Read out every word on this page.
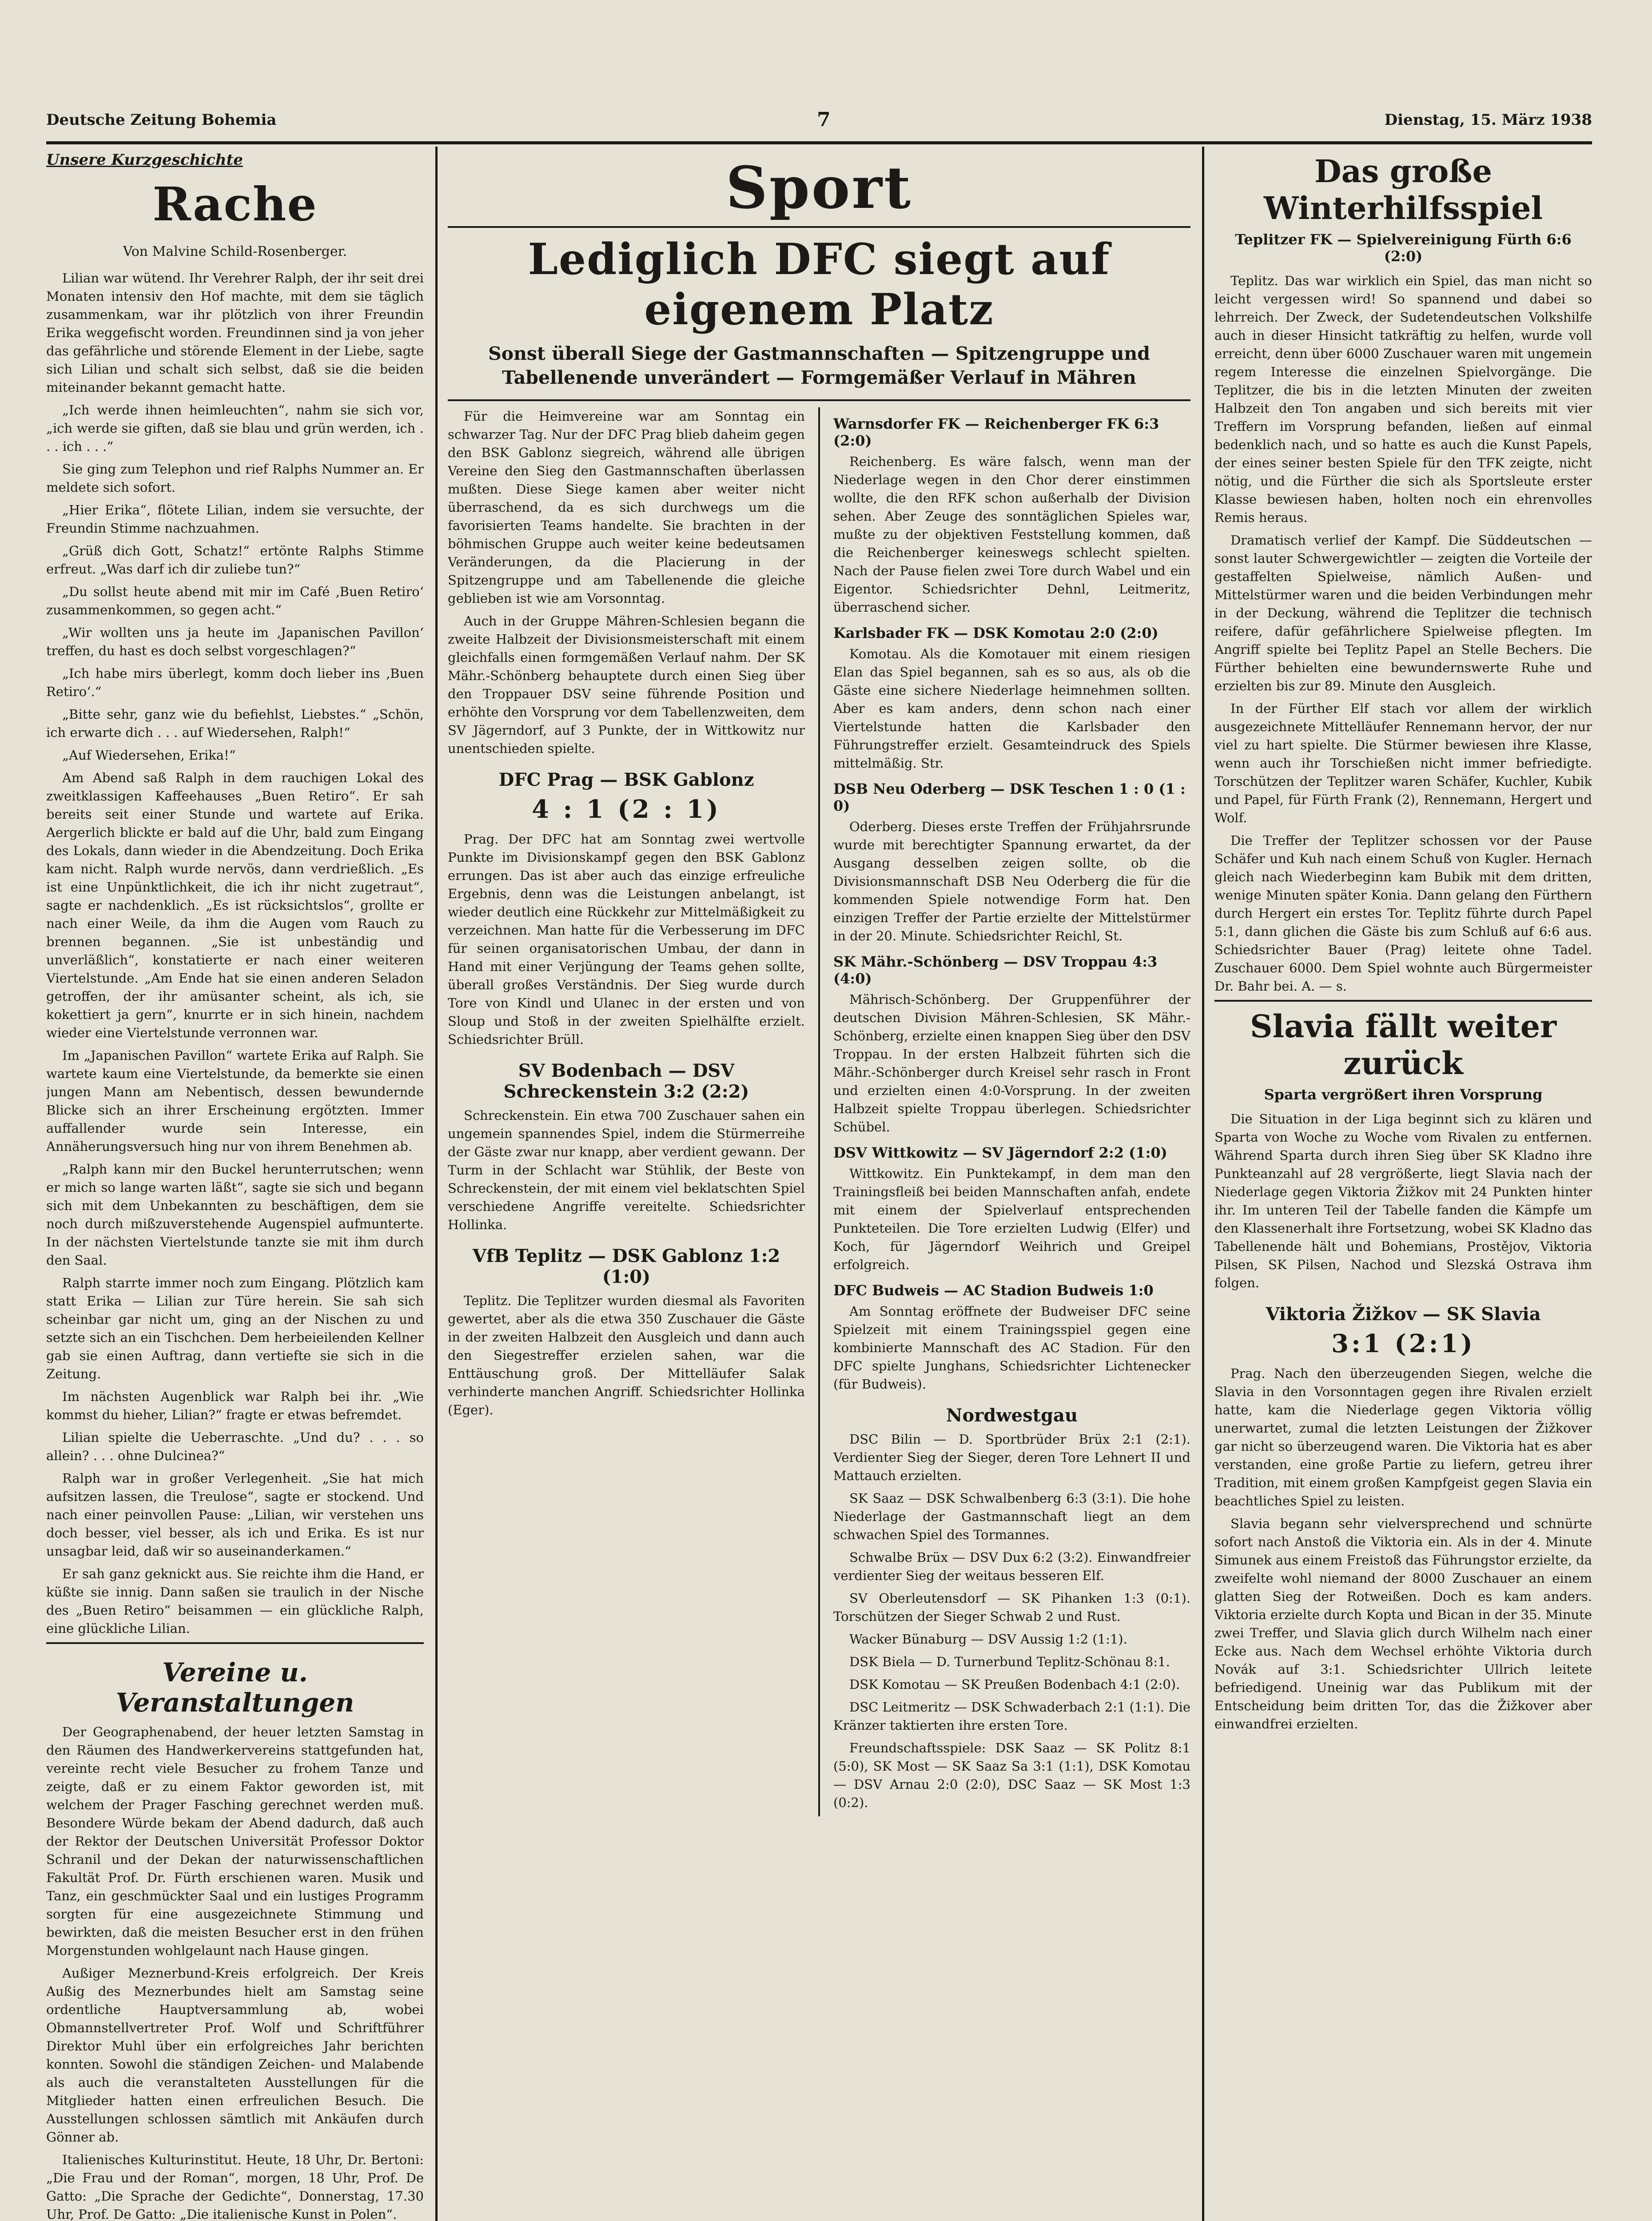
Deutsche Zeitung Bohemia	7	Dienstag, 15. März 1938
Unsere Kurzgeschichte
Rache
Von Malvine Schild-Rosenberger.

Lilian war wütend. Ihr Verehrer Ralph, der ihr seit drei Monaten intensiv den Hof machte, mit dem sie täglich zusammenkam, war ihr plötzlich von ihrer Freundin Erika weggefischt worden. Freundinnen sind ja von jeher das gefährliche und störende Element in der Liebe, sagte sich Lilian und schalt sich selbst, daß sie die beiden miteinander bekannt gemacht hatte.

„Ich werde ihnen heimleuchten“, nahm sie sich vor, „ich werde sie giften, daß sie blau und grün werden, ich . . . ich . . .“

Sie ging zum Telephon und rief Ralphs Nummer an. Er meldete sich sofort.

„Hier Erika“, flötete Lilian, indem sie versuchte, der Freundin Stimme nachzuahmen.

„Grüß dich Gott, Schatz!“ ertönte Ralphs Stimme erfreut. „Was darf ich dir zuliebe tun?“

„Du sollst heute abend mit mir im Café ‚Buen Retiro‘ zusammenkommen, so gegen acht.“

„Wir wollten uns ja heute im ‚Japanischen Pavillon‘ treffen, du hast es doch selbst vorgeschlagen?“

„Ich habe mirs überlegt, komm doch lieber ins ‚Buen Retiro‘.“

„Bitte sehr, ganz wie du befiehlst, Liebstes.“ „Schön, ich erwarte dich . . . auf Wiedersehen, Ralph!“

„Auf Wiedersehen, Erika!“

Am Abend saß Ralph in dem rauchigen Lokal des zweitklassigen Kaffeehauses „Buen Retiro“. Er sah bereits seit einer Stunde und wartete auf Erika. Aergerlich blickte er bald auf die Uhr, bald zum Eingang des Lokals, dann wieder in die Abendzeitung. Doch Erika kam nicht. Ralph wurde nervös, dann verdrießlich. „Es ist eine Unpünktlichkeit, die ich ihr nicht zugetraut“, sagte er nachdenklich. „Es ist rücksichtslos“, grollte er nach einer Weile, da ihm die Augen vom Rauch zu brennen begannen. „Sie ist unbeständig und unverläßlich“, konstatierte er nach einer weiteren Viertelstunde. „Am Ende hat sie einen anderen Seladon getroffen, der ihr amüsanter scheint, als ich, sie kokettiert ja gern“, knurrte er in sich hinein, nachdem wieder eine Viertelstunde verronnen war.

Im „Japanischen Pavillon“ wartete Erika auf Ralph. Sie wartete kaum eine Viertelstunde, da bemerkte sie einen jungen Mann am Nebentisch, dessen bewundernde Blicke sich an ihrer Erscheinung ergötzten. Immer auffallender wurde sein Interesse, ein Annäherungsversuch hing nur von ihrem Benehmen ab.

„Ralph kann mir den Buckel herunterrutschen; wenn er mich so lange warten läßt“, sagte sie sich und begann sich mit dem Unbekannten zu beschäftigen, dem sie noch durch mißzuverstehende Augenspiel aufmunterte. In der nächsten Viertelstunde tanzte sie mit ihm durch den Saal.

Ralph starrte immer noch zum Eingang. Plötzlich kam statt Erika — Lilian zur Türe herein. Sie sah sich scheinbar gar nicht um, ging an der Nischen zu und setzte sich an ein Tischchen. Dem herbeieilenden Kellner gab sie einen Auftrag, dann vertiefte sie sich in die Zeitung.

Im nächsten Augenblick war Ralph bei ihr. „Wie kommst du hieher, Lilian?“ fragte er etwas befremdet.

Lilian spielte die Ueberraschte. „Und du? . . . so allein? . . . ohne Dulcinea?“

Ralph war in großer Verlegenheit. „Sie hat mich aufsitzen lassen, die Treulose“, sagte er stockend. Und nach einer peinvollen Pause: „Lilian, wir verstehen uns doch besser, viel besser, als ich und Erika. Es ist nur unsagbar leid, daß wir so auseinanderkamen.“

Er sah ganz geknickt aus. Sie reichte ihm die Hand, er küßte sie innig. Dann saßen sie traulich in der Nische des „Buen Retiro“ beisammen — ein glückliche Ralph, eine glückliche Lilian.

Vereine u. Veranstaltungen

Der Geographenabend, der heuer letzten Samstag in den Räumen des Handwerkervereins stattgefunden hat, vereinte recht viele Besucher zu frohem Tanze und zeigte, daß er zu einem Faktor geworden ist, mit welchem der Prager Fasching gerechnet werden muß. Besondere Würde bekam der Abend dadurch, daß auch der Rektor der Deutschen Universität Professor Doktor Schranil und der Dekan der naturwissenschaftlichen Fakultät Prof. Dr. Fürth erschienen waren. Musik und Tanz, ein geschmückter Saal und ein lustiges Programm sorgten für eine ausgezeichnete Stimmung und bewirkten, daß die meisten Besucher erst in den frühen Morgenstunden wohlgelaunt nach Hause gingen.

Außiger Meznerbund-Kreis erfolgreich. Der Kreis Außig des Meznerbundes hielt am Samstag seine ordentliche Hauptversammlung ab, wobei Obmannstellvertreter Prof. Wolf und Schriftführer Direktor Muhl über ein erfolgreiches Jahr berichten konnten. Sowohl die ständigen Zeichen- und Malabende als auch die veranstalteten Ausstellungen für die Mitglieder hatten einen erfreulichen Besuch. Die Ausstellungen schlossen sämtlich mit Ankäufen durch Gönner ab.

Italienisches Kulturinstitut. Heute, 18 Uhr, Dr. Bertoni: „Die Frau und der Roman“, morgen, 18 Uhr, Prof. De Gatto: „Die Sprache der Gedichte“, Donnerstag, 17.30 Uhr, Prof. De Gatto: „Die italienische Kunst in Polen“.

Sport
Lediglich DFC siegt auf eigenem Platz
Sonst überall Siege der Gastmannschaften — Spitzengruppe und Tabellenende unverändert — Formgemäßer Verlauf in Mähren

Für die Heimvereine war am Sonntag ein schwarzer Tag. Nur der DFC Prag blieb daheim gegen den BSK Gablonz siegreich, während alle übrigen Vereine den Sieg den Gastmannschaften überlassen mußten. Diese Siege kamen aber weiter nicht überraschend, da es sich durchwegs um die favorisierten Teams handelte. Sie brachten in der böhmischen Gruppe auch weiter keine bedeutsamen Veränderungen, da die Placierung in der Spitzengruppe und am Tabellenende die gleiche geblieben ist wie am Vorsonntag.

Auch in der Gruppe Mähren-Schlesien begann die zweite Halbzeit der Divisionsmeisterschaft mit einem gleichfalls einen formgemäßen Verlauf nahm. Der SK Mähr.-Schönberg behauptete durch einen Sieg über den Troppauer DSV seine führende Position und erhöhte den Vorsprung vor dem Tabellenzweiten, dem SV Jägerndorf, auf 3 Punkte, der in Wittkowitz nur unentschieden spielte.

DFC Prag — BSK Gablonz
4 : 1 (2 : 1)

Prag. Der DFC hat am Sonntag zwei wertvolle Punkte im Divisionskampf gegen den BSK Gablonz errungen. Das ist aber auch das einzige erfreuliche Ergebnis, denn was die Leistungen anbelangt, ist wieder deutlich eine Rückkehr zur Mittelmäßigkeit zu verzeichnen. Man hatte für die Verbesserung im DFC für seinen organisatorischen Umbau, der dann in Hand mit einer Verjüngung der Teams gehen sollte, überall großes Verständnis. Der Sieg wurde durch Tore von Kindl und Ulanec in der ersten und von Sloup und Stoß in der zweiten Spielhälfte erzielt. Schiedsrichter Brüll.

SV Bodenbach — DSV Schreckenstein 3:2 (2:2)

Schreckenstein. Ein etwa 700 Zuschauer sahen ein ungemein spannendes Spiel, indem die Stürmerreihe der Gäste zwar nur knapp, aber verdient gewann. Der Turm in der Schlacht war Stühlik, der Beste von Schreckenstein, der mit einem viel beklatschten Spiel verschiedene Angriffe vereitelte. Schiedsrichter Hollinka.

VfB Teplitz — DSK Gablonz 1:2 (1:0)

Teplitz. Die Teplitzer wurden diesmal als Favoriten gewertet, aber als die etwa 350 Zuschauer die Gäste in der zweiten Halbzeit den Ausgleich und dann auch den Siegestreffer erzielen sahen, war die Enttäuschung groß. Der Mittelläufer Salak verhinderte manchen Angriff. Schiedsrichter Hollinka (Eger).

Warnsdorfer FK — Reichenberger FK 6:3 (2:0)

Reichenberg. Es wäre falsch, wenn man der Niederlage wegen in den Chor derer einstimmen wollte, die den RFK schon außerhalb der Division sehen. Aber Zeuge des sonntäglichen Spieles war, mußte zu der objektiven Feststellung kommen, daß die Reichenberger keineswegs schlecht spielten. Nach der Pause fielen zwei Tore durch Wabel und ein Eigentor. Schiedsrichter Dehnl, Leitmeritz, überraschend sicher.

Karlsbader FK — DSK Komotau 2:0 (2:0)

Komotau. Als die Komotauer mit einem riesigen Elan das Spiel begannen, sah es so aus, als ob die Gäste eine sichere Niederlage heimnehmen sollten. Aber es kam anders, denn schon nach einer Viertelstunde hatten die Karlsbader den Führungstreffer erzielt. Gesamteindruck des Spiels mittelmäßig. Str.

DSB Neu Oderberg — DSK Teschen 1 : 0 (1 : 0)

Oderberg. Dieses erste Treffen der Frühjahrsrunde wurde mit berechtigter Spannung erwartet, da der Ausgang desselben zeigen sollte, ob die Divisionsmannschaft DSB Neu Oderberg die für die kommenden Spiele notwendige Form hat. Den einzigen Treffer der Partie erzielte der Mittelstürmer in der 20. Minute. Schiedsrichter Reichl, St.

SK Mähr.-Schönberg — DSV Troppau 4:3 (4:0)

Mährisch-Schönberg. Der Gruppenführer der deutschen Division Mähren-Schlesien, SK Mähr.-Schönberg, erzielte einen knappen Sieg über den DSV Troppau. In der ersten Halbzeit führten sich die Mähr.-Schönberger durch Kreisel sehr rasch in Front und erzielten einen 4:0-Vorsprung. In der zweiten Halbzeit spielte Troppau überlegen. Schiedsrichter Schübel.

DSV Wittkowitz — SV Jägerndorf 2:2 (1:0)

Wittkowitz. Ein Punktekampf, in dem man den Trainingsfleiß bei beiden Mannschaften anfah, endete mit einem der Spielverlauf entsprechenden Punkteteilen. Die Tore erzielten Ludwig (Elfer) und Koch, für Jägerndorf Weihrich und Greipel erfolgreich.

DFC Budweis — AC Stadion Budweis 1:0

Am Sonntag eröffnete der Budweiser DFC seine Spielzeit mit einem Trainingsspiel gegen eine kombinierte Mannschaft des AC Stadion. Für den DFC spielte Junghans, Schiedsrichter Lichtenecker (für Budweis).

Nordwestgau

DSC Bilin — D. Sportbrüder Brüx 2:1 (2:1). Verdienter Sieg der Sieger, deren Tore Lehnert II und Mattauch erzielten.

SK Saaz — DSK Schwalbenberg 6:3 (3:1). Die hohe Niederlage der Gastmannschaft liegt an dem schwachen Spiel des Tormannes.

Schwalbe Brüx — DSV Dux 6:2 (3:2). Einwandfreier verdienter Sieg der weitaus besseren Elf.

SV Oberleutensdorf — SK Pihanken 1:3 (0:1). Torschützen der Sieger Schwab 2 und Rust.

Wacker Bünaburg — DSV Aussig 1:2 (1:1).

DSK Biela — D. Turnerbund Teplitz-Schönau 8:1.

DSK Komotau — SK Preußen Bodenbach 4:1 (2:0).

DSC Leitmeritz — DSK Schwaderbach 2:1 (1:1). Die Kränzer taktierten ihre ersten Tore.

Freundschaftsspiele: DSK Saaz — SK Politz 8:1 (5:0), SK Most — SK Saaz Sa 3:1 (1:1), DSK Komotau — DSV Arnau 2:0 (2:0), DSC Saaz — SK Most 1:3 (0:2).

Das große Winterhilfsspiel
Teplitzer FK — Spielvereinigung Fürth 6:6 (2:0)

Teplitz. Das war wirklich ein Spiel, das man nicht so leicht vergessen wird! So spannend und dabei so lehrreich. Der Zweck, der Sudetendeutschen Volkshilfe auch in dieser Hinsicht tatkräftig zu helfen, wurde voll erreicht, denn über 6000 Zuschauer waren mit ungemein regem Interesse die einzelnen Spielvorgänge. Die Teplitzer, die bis in die letzten Minuten der zweiten Halbzeit den Ton angaben und sich bereits mit vier Treffern im Vorsprung befanden, ließen auf einmal bedenklich nach, und so hatte es auch die Kunst Papels, der eines seiner besten Spiele für den TFK zeigte, nicht nötig, und die Fürther die sich als Sportsleute erster Klasse bewiesen haben, holten noch ein ehrenvolles Remis heraus.

Dramatisch verlief der Kampf. Die Süddeutschen — sonst lauter Schwergewichtler — zeigten die Vorteile der gestaffelten Spielweise, nämlich Außen- und Mittelstürmer waren und die beiden Verbindungen mehr in der Deckung, während die Teplitzer die technisch reifere, dafür gefährlichere Spielweise pflegten. Im Angriff spielte bei Teplitz Papel an Stelle Bechers. Die Fürther behielten eine bewundernswerte Ruhe und erzielten bis zur 89. Minute den Ausgleich.

In der Fürther Elf stach vor allem der wirklich ausgezeichnete Mittelläufer Rennemann hervor, der nur viel zu hart spielte. Die Stürmer bewiesen ihre Klasse, wenn auch ihr Torschießen nicht immer befriedigte. Torschützen der Teplitzer waren Schäfer, Kuchler, Kubik und Papel, für Fürth Frank (2), Rennemann, Hergert und Wolf.

Die Treffer der Teplitzer schossen vor der Pause Schäfer und Kuh nach einem Schuß von Kugler. Hernach gleich nach Wiederbeginn kam Bubik mit dem dritten, wenige Minuten später Konia. Dann gelang den Fürthern durch Hergert ein erstes Tor. Teplitz führte durch Papel 5:1, dann glichen die Gäste bis zum Schluß auf 6:6 aus. Schiedsrichter Bauer (Prag) leitete ohne Tadel. Zuschauer 6000. Dem Spiel wohnte auch Bürgermeister Dr. Bahr bei. A. — s.

Slavia fällt weiter zurück
Sparta vergrößert ihren Vorsprung

Die Situation in der Liga beginnt sich zu klären und Sparta von Woche zu Woche vom Rivalen zu entfernen. Während Sparta durch ihren Sieg über SK Kladno ihre Punkteanzahl auf 28 vergrößerte, liegt Slavia nach der Niederlage gegen Viktoria Žižkov mit 24 Punkten hinter ihr. Im unteren Teil der Tabelle fanden die Kämpfe um den Klassenerhalt ihre Fortsetzung, wobei SK Kladno das Tabellenende hält und Bohemians, Prostějov, Viktoria Pilsen, SK Pilsen, Nachod und Slezská Ostrava ihm folgen.

Viktoria Žižkov — SK Slavia
3:1 (2:1)

Prag. Nach den überzeugenden Siegen, welche die Slavia in den Vorsonntagen gegen ihre Rivalen erzielt hatte, kam die Niederlage gegen Viktoria völlig unerwartet, zumal die letzten Leistungen der Žižkover gar nicht so überzeugend waren. Die Viktoria hat es aber verstanden, eine große Partie zu liefern, getreu ihrer Tradition, mit einem großen Kampfgeist gegen Slavia ein beachtliches Spiel zu leisten.

Slavia begann sehr vielversprechend und schnürte sofort nach Anstoß die Viktoria ein. Als in der 4. Minute Simunek aus einem Freistoß das Führungstor erzielte, da zweifelte wohl niemand der 8000 Zuschauer an einem glatten Sieg der Rotweißen. Doch es kam anders. Viktoria erzielte durch Kopta und Bican in der 35. Minute zwei Treffer, und Slavia glich durch Wilhelm nach einer Ecke aus. Nach dem Wechsel erhöhte Viktoria durch Novák auf 3:1. Schiedsrichter Ullrich leitete befriedigend. Uneinig war das Publikum mit der Entscheidung beim dritten Tor, das die Žižkover aber einwandfrei erzielten.
